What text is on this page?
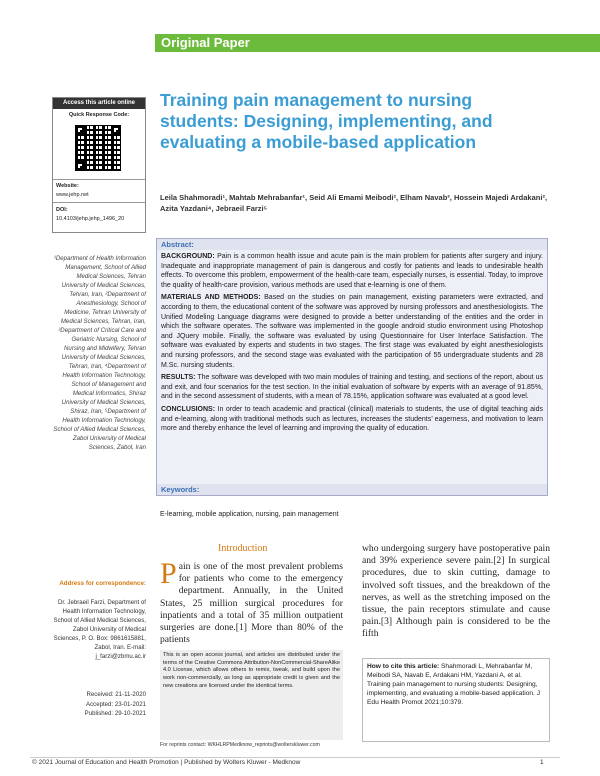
Original Paper
Access this article online
Quick Response Code:
Website:
www.jehp.net
DOI:
10.4103/jehp.jehp_1496_20
Training pain management to nursing students: Designing, implementing, and evaluating a mobile-based application
Leila Shahmoradi¹, Mahtab Mehrabanfar¹, Seid Ali Emami Meibodi², Elham Navab³, Hossein Majedi Ardakani², Azita Yazdani⁴, Jebraeil Farzi⁵
Abstract:

BACKGROUND: Pain is a common health issue and acute pain is the main problem for patients after surgery and injury. Inadequate and inappropriate management of pain is dangerous and costly for patients and leads to undesirable health effects. To overcome this problem, empowerment of the health-care team, especially nurses, is essential. Today, to improve the quality of health-care provision, various methods are used that e-learning is one of them.

MATERIALS AND METHODS: Based on the studies on pain management, existing parameters were extracted, and according to them, the educational content of the software was approved by nursing professors and anesthesiologists. The Unified Modeling Language diagrams were designed to provide a better understanding of the entities and the order in which the software operates. The software was implemented in the google android studio environment using Photoshop and JQuery mobile. Finally, the software was evaluated by using Questionnaire for User Interface Satisfaction. The software was evaluated by experts and students in two stages. The first stage was evaluated by eight anesthesiologists and nursing professors, and the second stage was evaluated with the participation of 55 undergraduate students and 28 M.Sc. nursing students.

RESULTS: The software was developed with two main modules of training and testing, and sections of the report, about us and exit, and four scenarios for the test section. In the initial evaluation of software by experts with an average of 91.85%, and in the second assessment of students, with a mean of 78.15%, application software was evaluated at a good level.

CONCLUSIONS: In order to teach academic and practical (clinical) materials to students, the use of digital teaching aids and e-learning, along with traditional methods such as lectures, increases the students’ eagerness, and motivation to learn more and thereby enhance the level of learning and improving the quality of education.

Keywords:
E-learning, mobile application, nursing, pain management
¹Department of Health Information Management, School of Allied Medical Sciences, Tehran University of Medical Sciences, Tehran, Iran, ²Department of Anesthesiology, School of Medicine, Tehran University of Medical Sciences, Tehran, Iran, ³Department of Critical Care and Geriatric Nursing, School of Nursing and Midwifery, Tehran University of Medical Sciences, Tehran, Iran, ⁴Department of Health Information Technology, School of Management and Medical Informatics, Shiraz University of Medical Sciences, Shiraz, Iran, ⁵Department of Health Information Technology, School of Allied Medical Sciences, Zabol University of Medical Sciences, Zabol, Iran
Address for correspondence:
Dr. Jebraeil Farzi, Department of Health Information Technology, School of Allied Medical Sciences, Zabol University of Medical Sciences, P. O. Box: 9861615881, Zabol, Iran. E-mail: j_farzi@zbmu.ac.ir
Received: 21-11-2020
Accepted: 23-01-2021
Published: 29-10-2021
Introduction
Pain is one of the most prevalent problems for patients who come to the emergency department. Annually, in the United States, 25 million surgical procedures for inpatients and a total of 35 million outpatient surgeries are done.[1] More than 80% of the patients
who undergoing surgery have postoperative pain and 39% experience severe pain.[2] In surgical procedures, due to skin cutting, damage to involved soft tissues, and the breakdown of the nerves, as well as the stretching imposed on the tissue, the pain receptors stimulate and cause pain.[3] Although pain is considered to be the fifth
This is an open access journal, and articles are distributed under the terms of the Creative Commons Attribution-NonCommercial-ShareAlike 4.0 License, which allows others to remix, tweak, and build upon the work non-commercially, as long as appropriate credit is given and the new creations are licensed under the identical terms.
For reprints contact: WKHLRPMedknow_reprints@wolterskluwer.com
How to cite this article: Shahmoradi L, Mehrabanfar M, Meibodi SA, Navab E, Ardakani HM, Yazdani A, et al. Training pain management to nursing students: Designing, implementing, and evaluating a mobile-based application. J Edu Health Promot 2021;10:379.
© 2021 Journal of Education and Health Promotion | Published by Wolters Kluwer - Medknow	1
